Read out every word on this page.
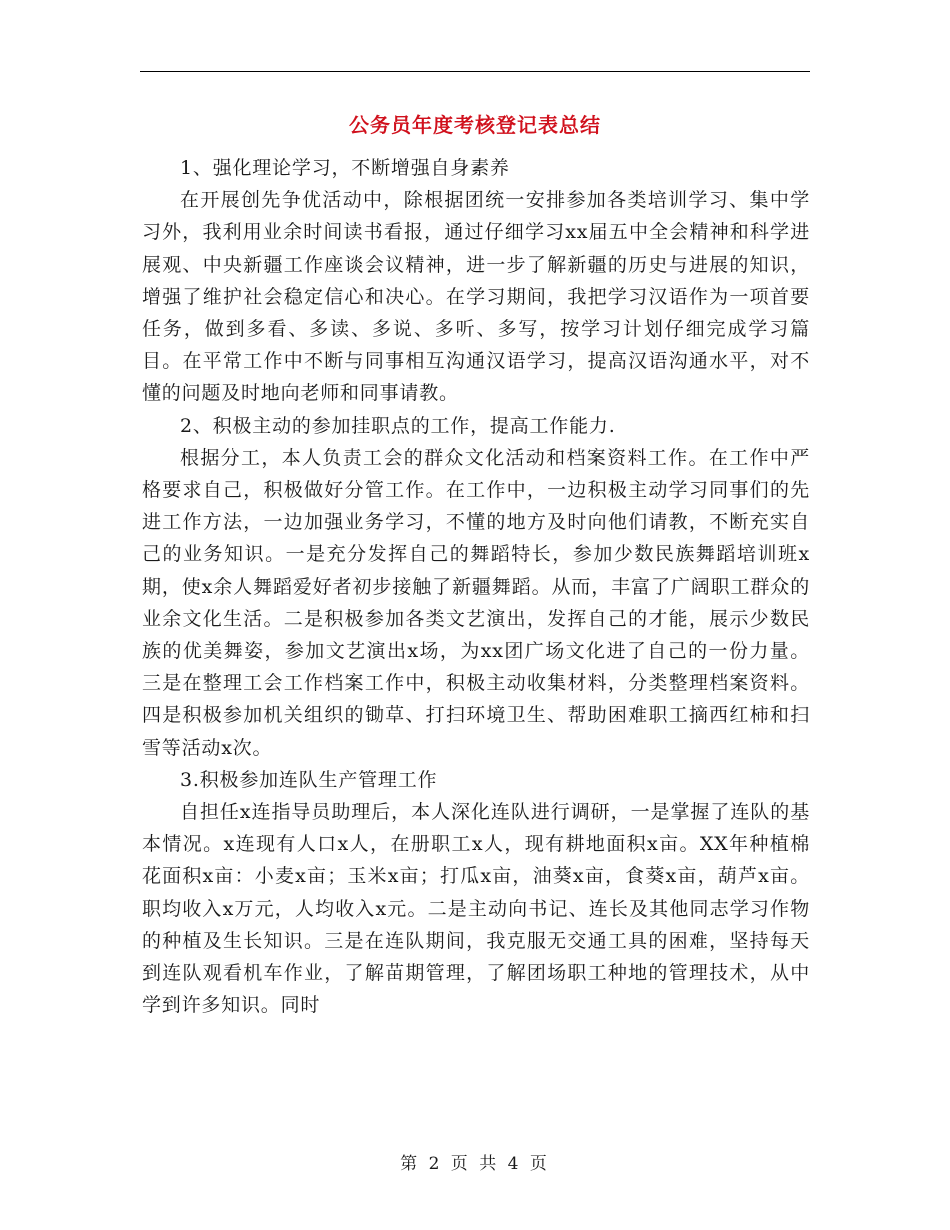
公务员年度考核登记表总结

1、强化理论学习，不断增强自身素养

在开展创先争优活动中，除根据团统一安排参加各类培训学习、集中学习外，我利用业余时间读书看报，通过仔细学习xx届五中全会精神和科学进展观、中央新疆工作座谈会议精神，进一步了解新疆的历史与进展的知识，增强了维护社会稳定信心和决心。在学习期间，我把学习汉语作为一项首要任务，做到多看、多读、多说、多听、多写，按学习计划仔细完成学习篇目。在平常工作中不断与同事相互沟通汉语学习，提高汉语沟通水平，对不懂的问题及时地向老师和同事请教。

2、积极主动的参加挂职点的工作，提高工作能力.

根据分工，本人负责工会的群众文化活动和档案资料工作。在工作中严格要求自己，积极做好分管工作。在工作中，一边积极主动学习同事们的先进工作方法，一边加强业务学习，不懂的地方及时向他们请教，不断充实自己的业务知识。一是充分发挥自己的舞蹈特长，参加少数民族舞蹈培训班x期，使x余人舞蹈爱好者初步接触了新疆舞蹈。从而，丰富了广阔职工群众的业余文化生活。二是积极参加各类文艺演出，发挥自己的才能，展示少数民族的优美舞姿，参加文艺演出x场，为xx团广场文化进了自己的一份力量。三是在整理工会工作档案工作中，积极主动收集材料，分类整理档案资料。四是积极参加机关组织的锄草、打扫环境卫生、帮助困难职工摘西红柿和扫雪等活动x次。

3.积极参加连队生产管理工作

自担任x连指导员助理后，本人深化连队进行调研，一是掌握了连队的基本情况。x连现有人口x人，在册职工x人，现有耕地面积x亩。XX年种植棉花面积x亩：小麦x亩；玉米x亩；打瓜x亩，油葵x亩，食葵x亩，葫芦x亩。职均收入x万元，人均收入x元。二是主动向书记、连长及其他同志学习作物的种植及生长知识。三是在连队期间，我克服无交通工具的困难，坚持每天到连队观看机车作业，了解苗期管理，了解团场职工种地的管理技术，从中学到许多知识。同时

第 2 页 共 4 页
